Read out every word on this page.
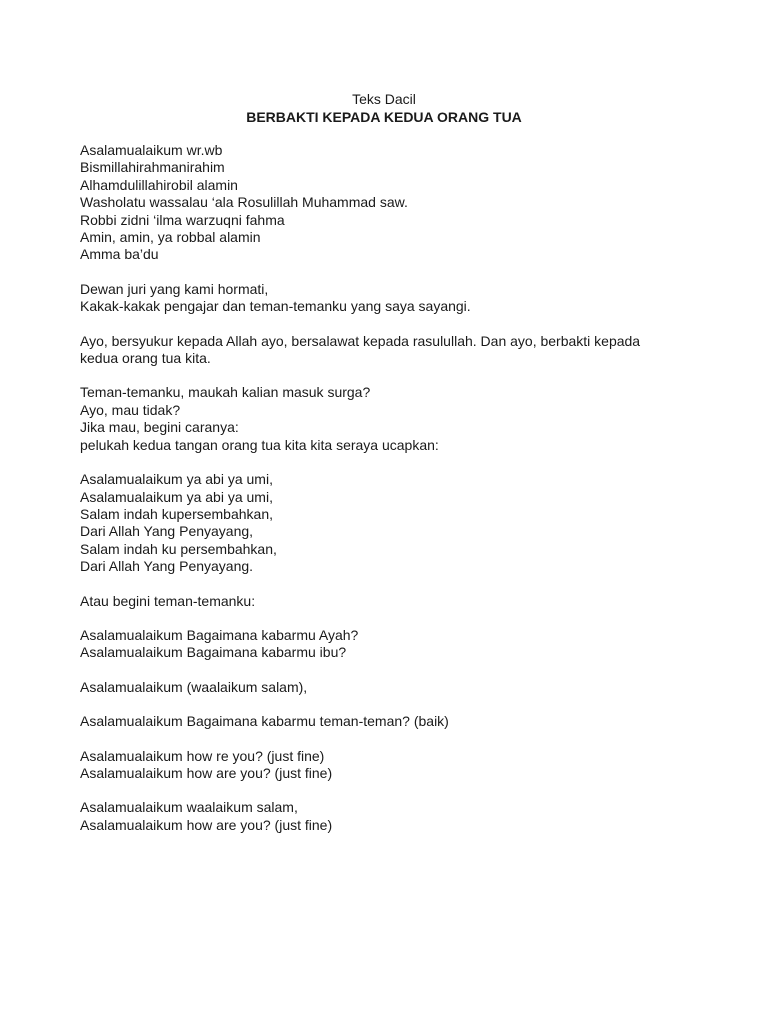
Teks Dacil

BERBAKTI KEPADA KEDUA ORANG TUA
Asalamualaikum wr.wb
Bismillahirahmanirahim
Alhamdulillahirobil alamin
Washolatu wassalau ‘ala Rosulillah Muhammad saw.
Robbi zidni ‘ilma warzuqni fahma
Amin, amin, ya robbal alamin
Amma ba’du
Dewan juri yang kami hormati,
Kakak-kakak pengajar dan teman-temanku yang saya sayangi.
Ayo, bersyukur kepada Allah ayo, bersalawat kepada rasulullah. Dan ayo, berbakti kepada
kedua orang tua kita.
Teman-temanku, maukah kalian masuk surga?
Ayo, mau tidak?
Jika mau, begini caranya:
pelukah kedua tangan orang tua kita kita seraya ucapkan:
Asalamualaikum ya abi ya umi,
Asalamualaikum ya abi ya umi,
Salam indah kupersembahkan,
Dari Allah Yang Penyayang,
Salam indah ku persembahkan,
Dari Allah Yang Penyayang.
Atau begini teman-temanku:
Asalamualaikum Bagaimana kabarmu Ayah?
Asalamualaikum Bagaimana kabarmu ibu?
Asalamualaikum (waalaikum salam),
Asalamualaikum Bagaimana kabarmu teman-teman? (baik)
Asalamualaikum how re you? (just fine)
Asalamualaikum how are you? (just fine)
Asalamualaikum waalaikum salam,
Asalamualaikum how are you? (just fine)
